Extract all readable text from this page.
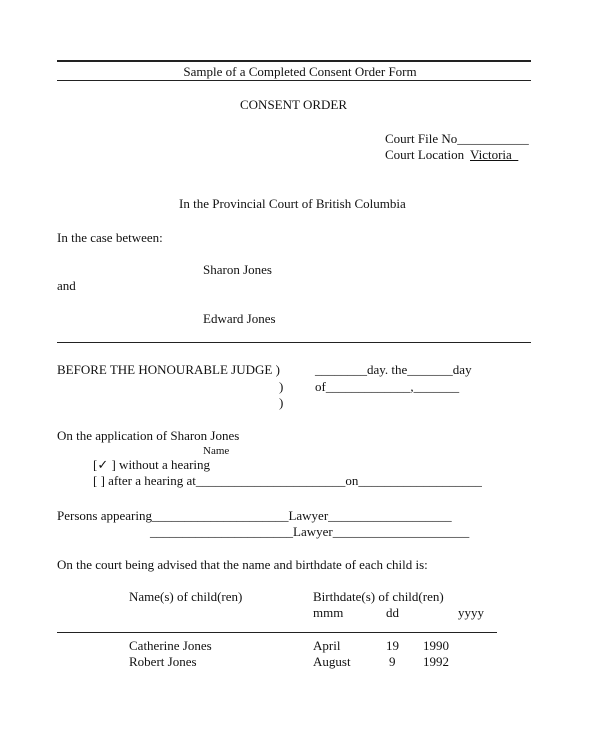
Sample of a Completed Consent Order Form
CONSENT ORDER
Court File No___________
Court Location Victoria
In the Provincial Court of British Columbia
In the case between:
Sharon Jones
and
Edward Jones
BEFORE THE HONOURABLE JUDGE )
)
)
________day. the_______day
of_____________,_______
On the application of Sharon Jones
Name
[✓ ] without a hearing
[ ] after a hearing at_______________________on___________________
Persons appearing_____________________Lawyer___________________
______________________Lawyer_____________________
On the court being advised that the name and birthdate of each child is:
Name(s) of child(ren)	Birthdate(s) of child(ren)
mmm	dd	yyyy
Catherine Jones	April	19 1990
Robert Jones	August	9 1992
